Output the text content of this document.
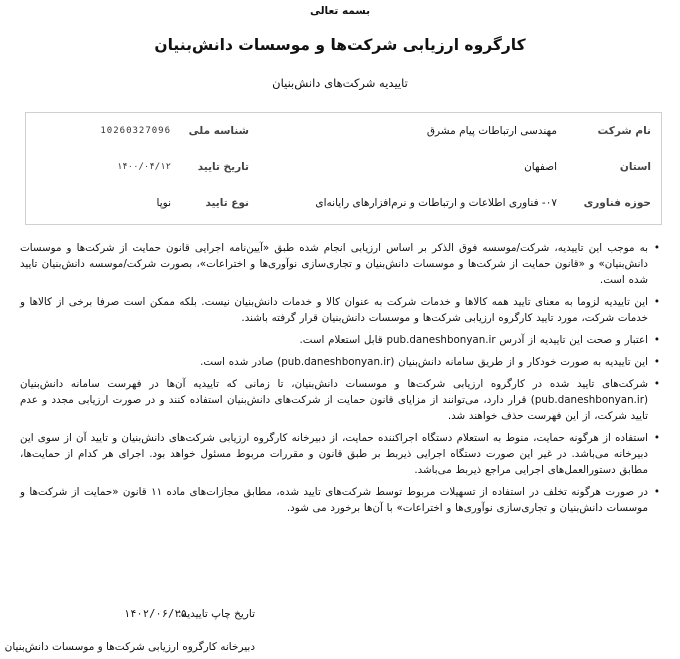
بسمه تعالی
کارگروه ارزیابی شرکت‌ها و موسسات دانش‌بنیان
تاییدیه شرکت‌های دانش‌بنیان
نام شرکت
مهندسی ارتباطات پیام مشرق
شناسه ملی
10260327096
استان
اصفهان
تاریخ تایید
۱۴۰۰/۰۴/۱۲
حوزه فناوری
۰۷- فناوری اطلاعات و ارتباطات و نرم‌افزارهای رایانه‌ای
نوع تایید
نوپا
•
به موجب این تاییدیه، شرکت/موسسه فوق الذکر بر اساس ارزیابی انجام شده طبق «آیین‌نامه اجرایی قانون حمایت از شرکت‌ها و موسسات دانش‌بنیان» و «قانون حمایت از شرکت‌ها و موسسات دانش‌بنیان و تجاری‌سازی نوآوری‌ها و اختراعات»، بصورت شرکت/موسسه دانش‌بنیان تایید شده است.
•
این تاییدیه لزوما به معنای تایید همه کالاها و خدمات شرکت به عنوان کالا و خدمات دانش‌بنیان نیست. بلکه ممکن است صرفا برخی از کالاها و خدمات شرکت، مورد تایید کارگروه ارزیابی شرکت‌ها و موسسات دانش‌بنیان قرار گرفته باشند.
•
اعتبار و صحت این تاییدیه از آدرس pub.daneshbonyan.ir قابل استعلام است.
•
این تاییدیه به صورت خودکار و از طریق سامانه دانش‌بنیان (pub.daneshbonyan.ir) صادر شده است.
•
شرکت‌های تایید شده در کارگروه ارزیابی شرکت‌ها و موسسات دانش‌بنیان، تا زمانی که تاییدیه آن‌ها در فهرست سامانه دانش‌بنیان (pub.daneshbonyan.ir) قرار دارد، می‌توانند از مزایای قانون حمایت از شرکت‌های دانش‌بنیان استفاده کنند و در صورت ارزیابی مجدد و عدم تایید شرکت، از این فهرست حذف خواهند شد.
•
استفاده از هرگونه حمایت، منوط به استعلام دستگاه اجراکننده حمایت، از دبیرخانه کارگروه ارزیابی شرکت‌های دانش‌بنیان و تایید آن از سوی این دبیرخانه می‌باشد. در غیر این صورت دستگاه اجرایی ذیربط بر طبق قانون و مقررات مربوط مسئول خواهد بود. اجرای هر کدام از حمایت‌ها، مطابق دستورالعمل‌های اجرایی مراجع ذیربط می‌باشد.
•
در صورت هرگونه تخلف در استفاده از تسهیلات مربوط توسط شرکت‌های تایید شده، مطابق مجازات‌های ماده ۱۱ قانون «حمایت از شرکت‌ها و موسسات دانش‌بنیان و تجاری‌سازی نوآوری‌ها و اختراعات» با آن‌ها برخورد می شود.
تاریخ چاپ تاییدیه:
۱۴۰۲/۰۶/۲۵
دبیرخانه کارگروه ارزیابی شرکت‌ها و موسسات دانش‌بنیان
